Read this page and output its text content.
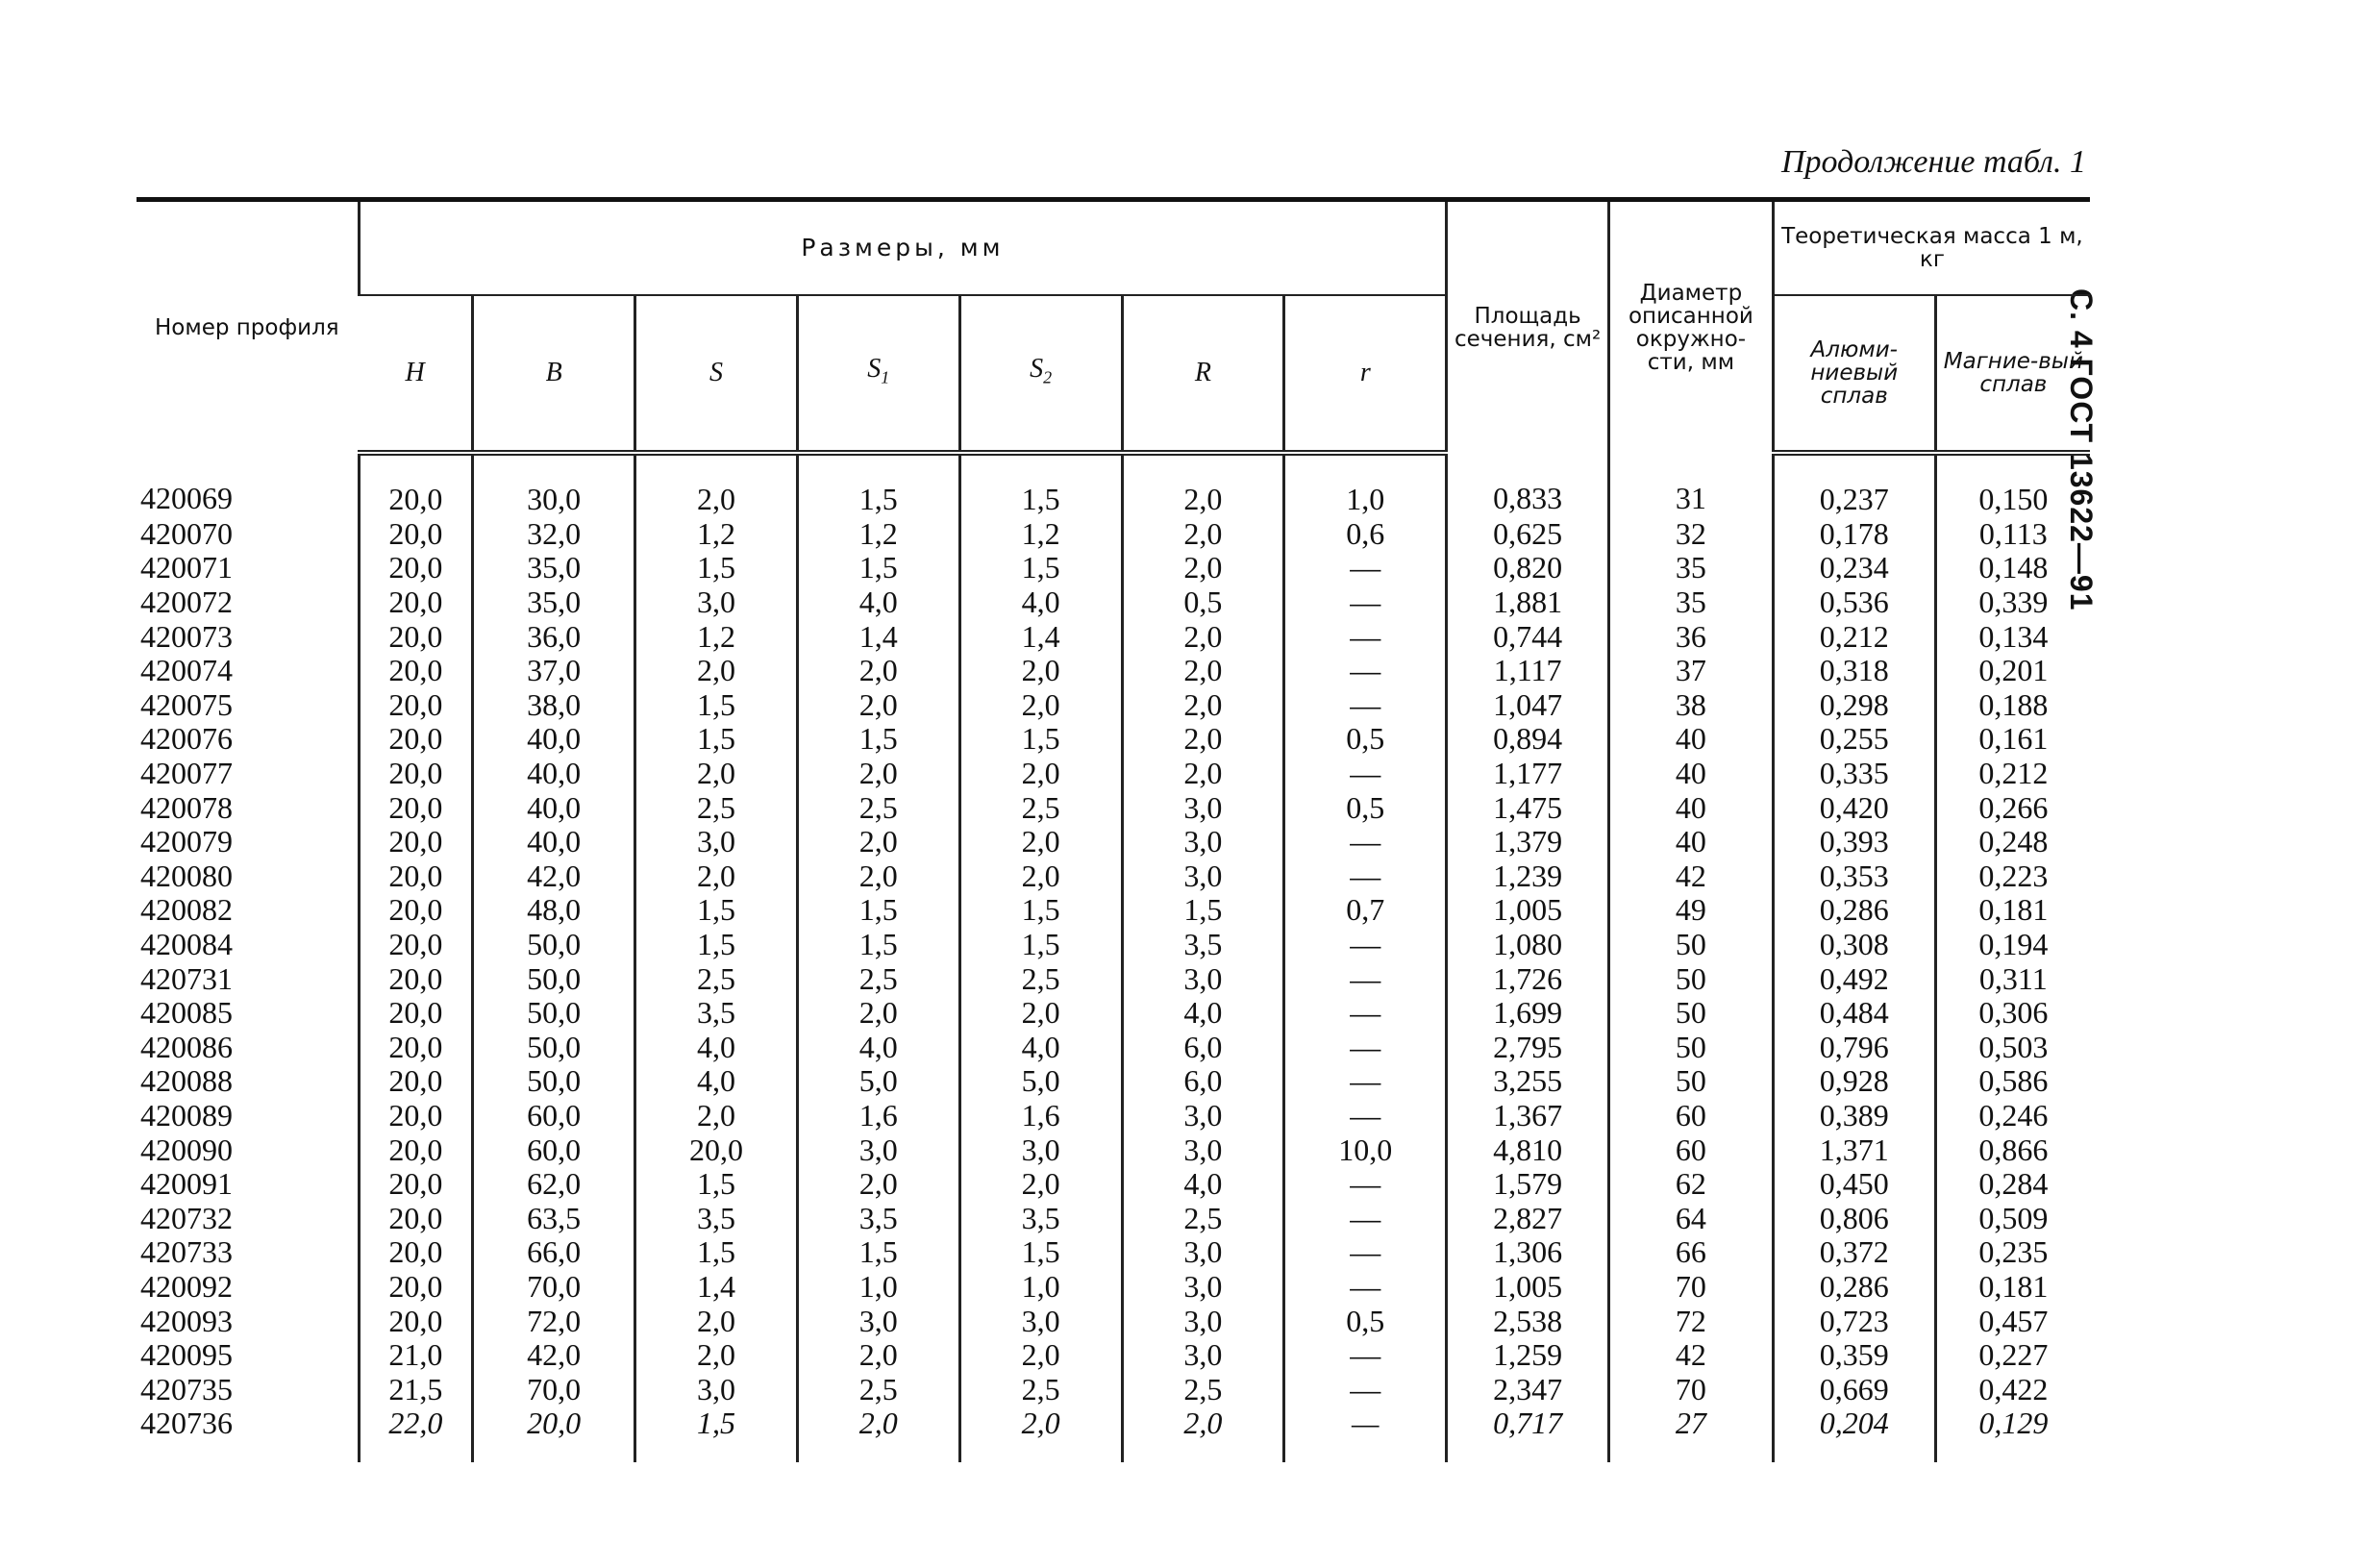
Продолжение табл. 1
С. 4 ГОСТ 13622—91
Номер профиля	Размеры, мм							Площадь сечения, см²	Диаметр описанной окружно-сти, мм	Теоретическая масса 1 м, кг	
	H	B	S	$S_1$	$S_2$	R	r			Алюми-ниевый сплав	Магние-вый сплав
420069	20,0	30,0	2,0	1,5	1,5	2,0	1,0	0,833	31	0,237	0,150
420070	20,0	32,0	1,2	1,2	1,2	2,0	0,6	0,625	32	0,178	0,113
420071	20,0	35,0	1,5	1,5	1,5	2,0	—	0,820	35	0,234	0,148
420072	20,0	35,0	3,0	4,0	4,0	0,5	—	1,881	35	0,536	0,339
420073	20,0	36,0	1,2	1,4	1,4	2,0	—	0,744	36	0,212	0,134
420074	20,0	37,0	2,0	2,0	2,0	2,0	—	1,117	37	0,318	0,201
420075	20,0	38,0	1,5	2,0	2,0	2,0	—	1,047	38	0,298	0,188
420076	20,0	40,0	1,5	1,5	1,5	2,0	0,5	0,894	40	0,255	0,161
420077	20,0	40,0	2,0	2,0	2,0	2,0	—	1,177	40	0,335	0,212
420078	20,0	40,0	2,5	2,5	2,5	3,0	0,5	1,475	40	0,420	0,266
420079	20,0	40,0	3,0	2,0	2,0	3,0	—	1,379	40	0,393	0,248
420080	20,0	42,0	2,0	2,0	2,0	3,0	—	1,239	42	0,353	0,223
420082	20,0	48,0	1,5	1,5	1,5	1,5	0,7	1,005	49	0,286	0,181
420084	20,0	50,0	1,5	1,5	1,5	3,5	—	1,080	50	0,308	0,194
420731	20,0	50,0	2,5	2,5	2,5	3,0	—	1,726	50	0,492	0,311
420085	20,0	50,0	3,5	2,0	2,0	4,0	—	1,699	50	0,484	0,306
420086	20,0	50,0	4,0	4,0	4,0	6,0	—	2,795	50	0,796	0,503
420088	20,0	50,0	4,0	5,0	5,0	6,0	—	3,255	50	0,928	0,586
420089	20,0	60,0	2,0	1,6	1,6	3,0	—	1,367	60	0,389	0,246
420090	20,0	60,0	20,0	3,0	3,0	3,0	10,0	4,810	60	1,371	0,866
420091	20,0	62,0	1,5	2,0	2,0	4,0	—	1,579	62	0,450	0,284
420732	20,0	63,5	3,5	3,5	3,5	2,5	—	2,827	64	0,806	0,509
420733	20,0	66,0	1,5	1,5	1,5	3,0	—	1,306	66	0,372	0,235
420092	20,0	70,0	1,4	1,0	1,0	3,0	—	1,005	70	0,286	0,181
420093	20,0	72,0	2,0	3,0	3,0	3,0	0,5	2,538	72	0,723	0,457
420095	21,0	42,0	2,0	2,0	2,0	3,0	—	1,259	42	0,359	0,227
420735	21,5	70,0	3,0	2,5	2,5	2,5	—	2,347	70	0,669	0,422
420736	22,0	20,0	1,5	2,0	2,0	2,0	—	0,717	27	0,204	0,129
